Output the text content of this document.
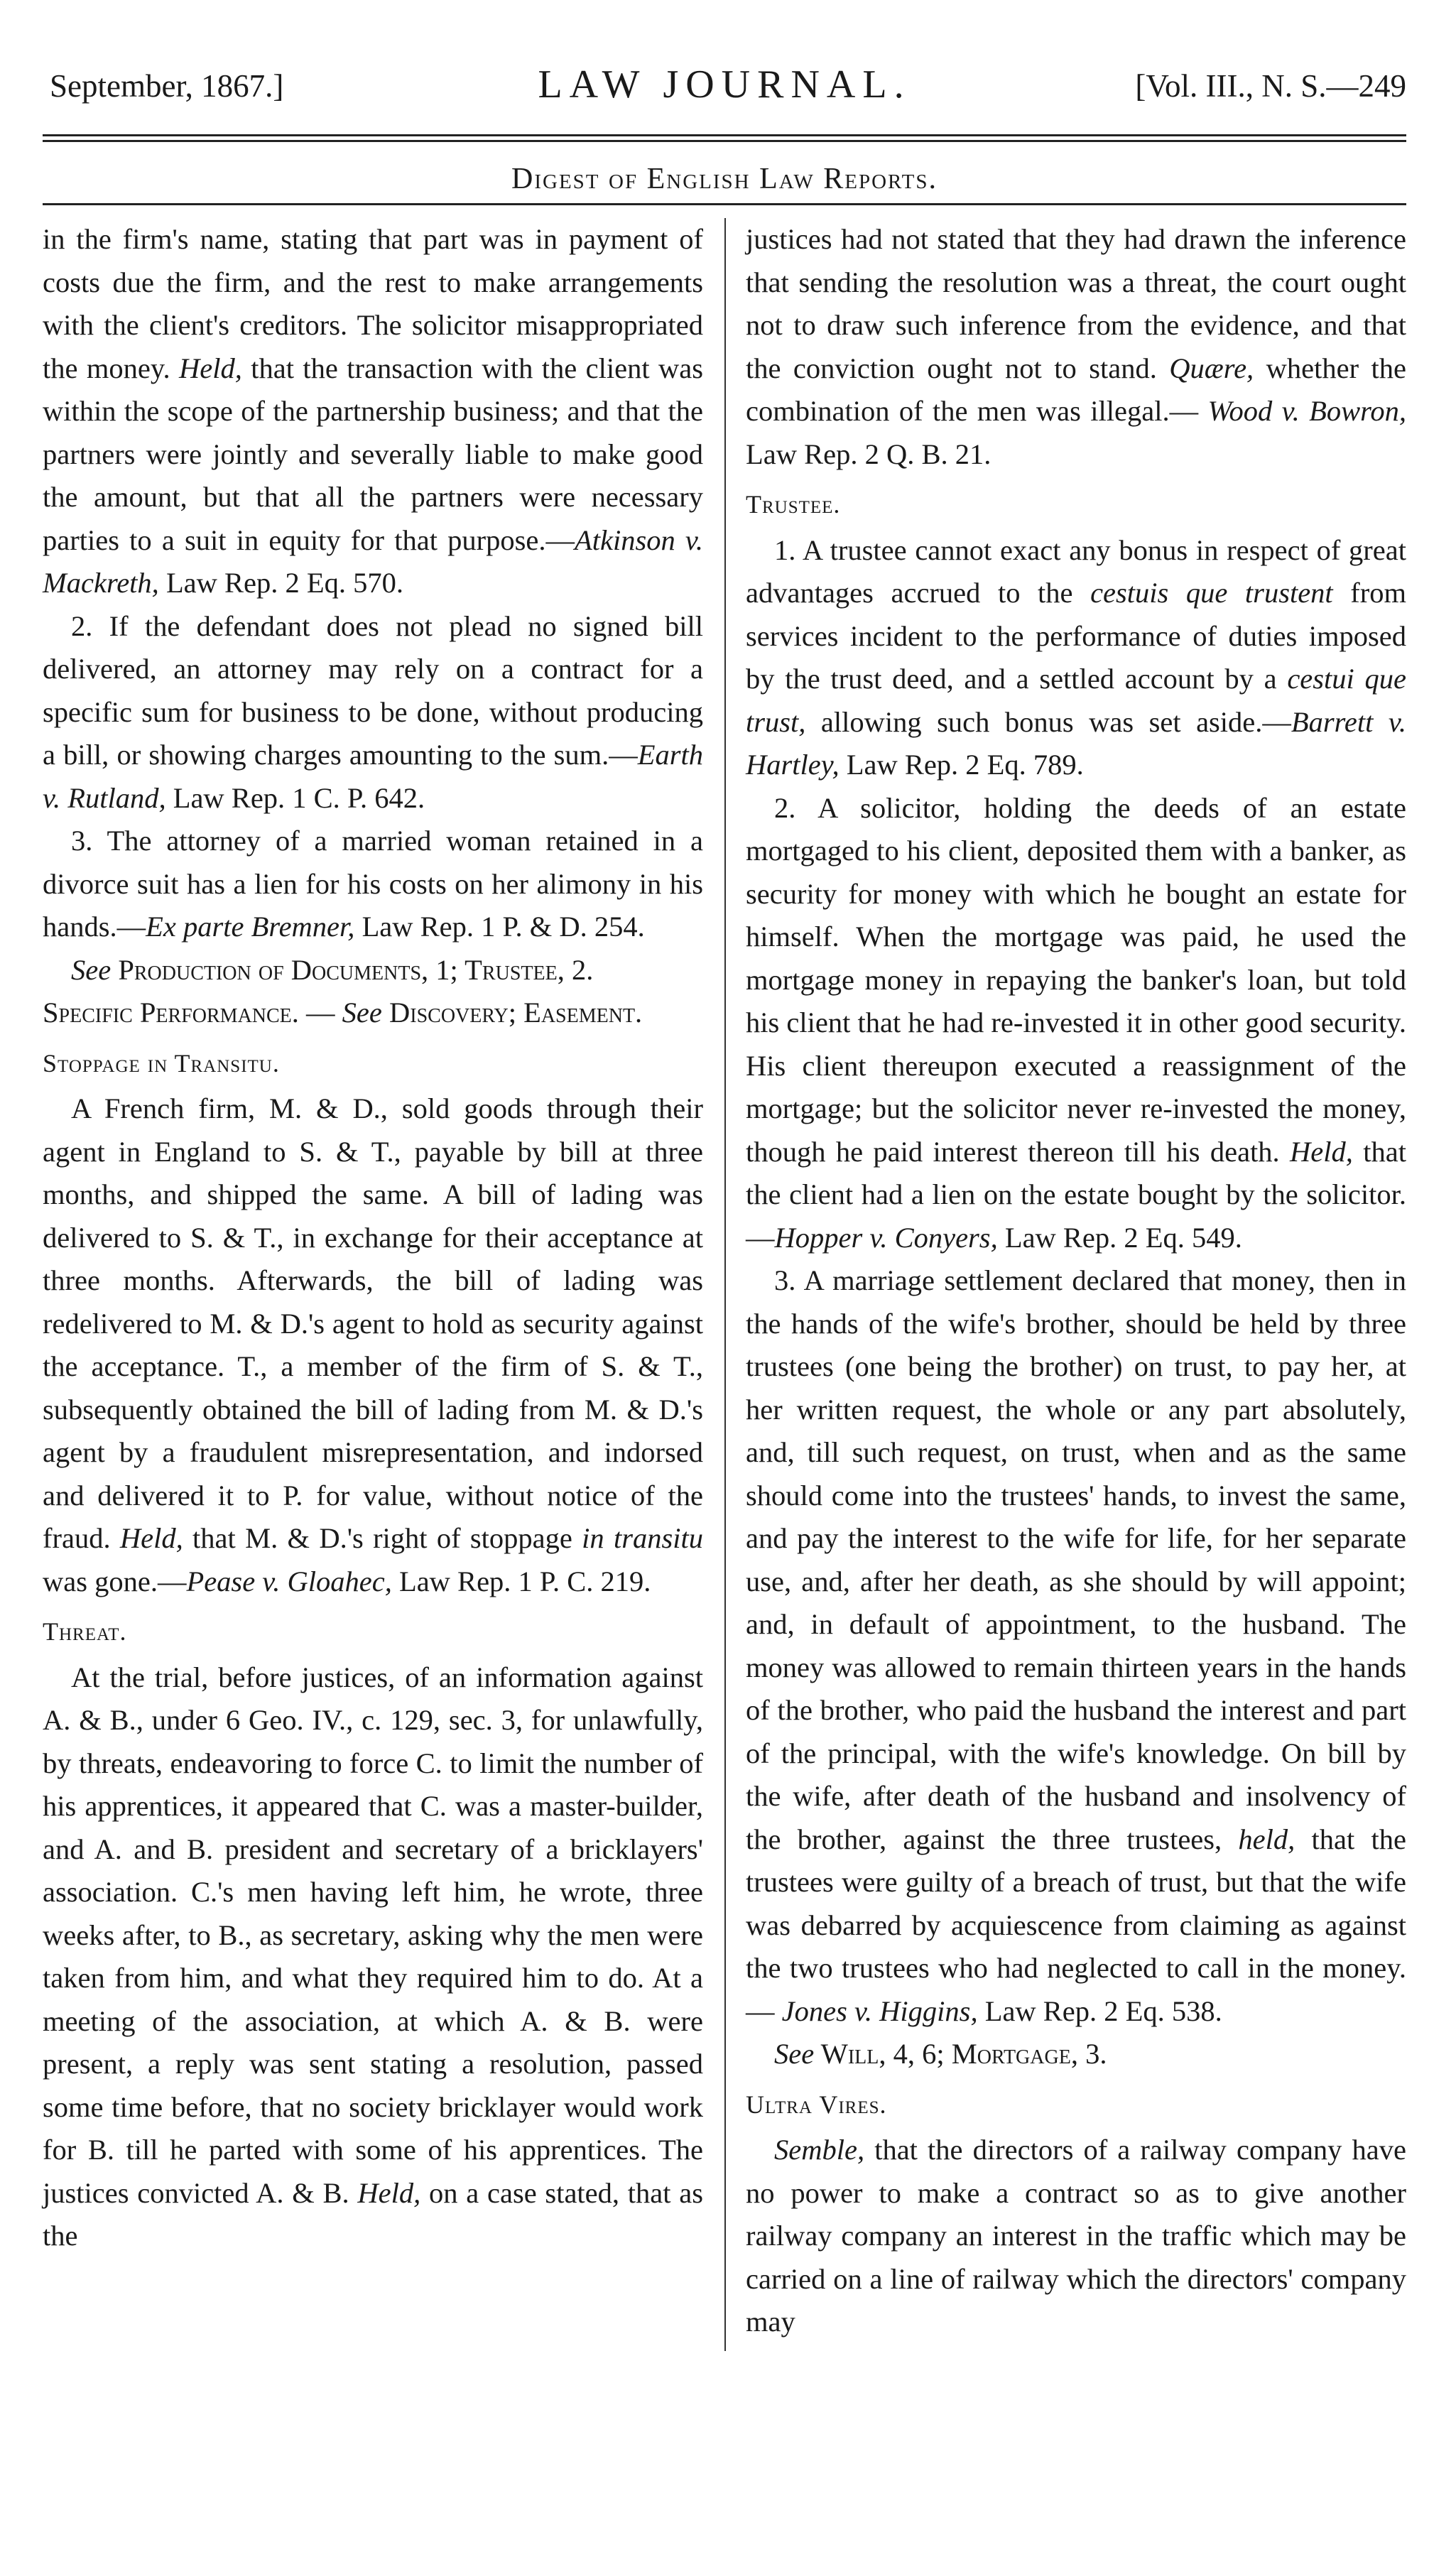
September, 1867.]	LAW JOURNAL.	[Vol. III., N. S.—249
Digest of English Law Reports.

in the firm's name, stating that part was in payment of costs due the firm, and the rest to make arrangements with the client's creditors. The solicitor misappropriated the money. Held, that the transaction with the client was within the scope of the partnership business; and that the partners were jointly and severally liable to make good the amount, but that all the partners were necessary parties to a suit in equity for that purpose.—Atkinson v. Mackreth, Law Rep. 2 Eq. 570.

2. If the defendant does not plead no signed bill delivered, an attorney may rely on a contract for a specific sum for business to be done, without producing a bill, or showing charges amounting to the sum.—Earth v. Rutland, Law Rep. 1 C. P. 642.

3. The attorney of a married woman retained in a divorce suit has a lien for his costs on her alimony in his hands.—Ex parte Bremner, Law Rep. 1 P. & D. 254.

See Production of Documents, 1; Trustee, 2.

Specific Performance. — See Discovery; Easement.

Stoppage in Transitu.

A French firm, M. & D., sold goods through their agent in England to S. & T., payable by bill at three months, and shipped the same. A bill of lading was delivered to S. & T., in exchange for their acceptance at three months. Afterwards, the bill of lading was redelivered to M. & D.'s agent to hold as security against the acceptance. T., a member of the firm of S. & T., subsequently obtained the bill of lading from M. & D.'s agent by a fraudulent misrepresentation, and indorsed and delivered it to P. for value, without notice of the fraud. Held, that M. & D.'s right of stoppage in transitu was gone.—Pease v. Gloahec, Law Rep. 1 P. C. 219.

Threat.

At the trial, before justices, of an information against A. & B., under 6 Geo. IV., c. 129, sec. 3, for unlawfully, by threats, endeavoring to force C. to limit the number of his apprentices, it appeared that C. was a master-builder, and A. and B. president and secretary of a bricklayers' association. C.'s men having left him, he wrote, three weeks after, to B., as secretary, asking why the men were taken from him, and what they required him to do. At a meeting of the association, at which A. & B. were present, a reply was sent stating a resolution, passed some time before, that no society bricklayer would work for B. till he parted with some of his apprentices. The justices convicted A. & B. Held, on a case stated, that as the

justices had not stated that they had drawn the inference that sending the resolution was a threat, the court ought not to draw such inference from the evidence, and that the conviction ought not to stand. Quære, whether the combination of the men was illegal.— Wood v. Bowron, Law Rep. 2 Q. B. 21.

Trustee.

1. A trustee cannot exact any bonus in respect of great advantages accrued to the cestuis que trustent from services incident to the performance of duties imposed by the trust deed, and a settled account by a cestui que trust, allowing such bonus was set aside.—Barrett v. Hartley, Law Rep. 2 Eq. 789.

2. A solicitor, holding the deeds of an estate mortgaged to his client, deposited them with a banker, as security for money with which he bought an estate for himself. When the mortgage was paid, he used the mortgage money in repaying the banker's loan, but told his client that he had re-invested it in other good security. His client thereupon executed a reassignment of the mortgage; but the solicitor never re-invested the money, though he paid interest thereon till his death. Held, that the client had a lien on the estate bought by the solicitor. —Hopper v. Conyers, Law Rep. 2 Eq. 549.

3. A marriage settlement declared that money, then in the hands of the wife's brother, should be held by three trustees (one being the brother) on trust, to pay her, at her written request, the whole or any part absolutely, and, till such request, on trust, when and as the same should come into the trustees' hands, to invest the same, and pay the interest to the wife for life, for her separate use, and, after her death, as she should by will appoint; and, in default of appointment, to the husband. The money was allowed to remain thirteen years in the hands of the brother, who paid the husband the interest and part of the principal, with the wife's knowledge. On bill by the wife, after death of the husband and insolvency of the brother, against the three trustees, held, that the trustees were guilty of a breach of trust, but that the wife was debarred by acquiescence from claiming as against the two trustees who had neglected to call in the money.— Jones v. Higgins, Law Rep. 2 Eq. 538.

See Will, 4, 6; Mortgage, 3.

Ultra Vires.

Semble, that the directors of a railway company have no power to make a contract so as to give another railway company an interest in the traffic which may be carried on a line of railway which the directors' company may
